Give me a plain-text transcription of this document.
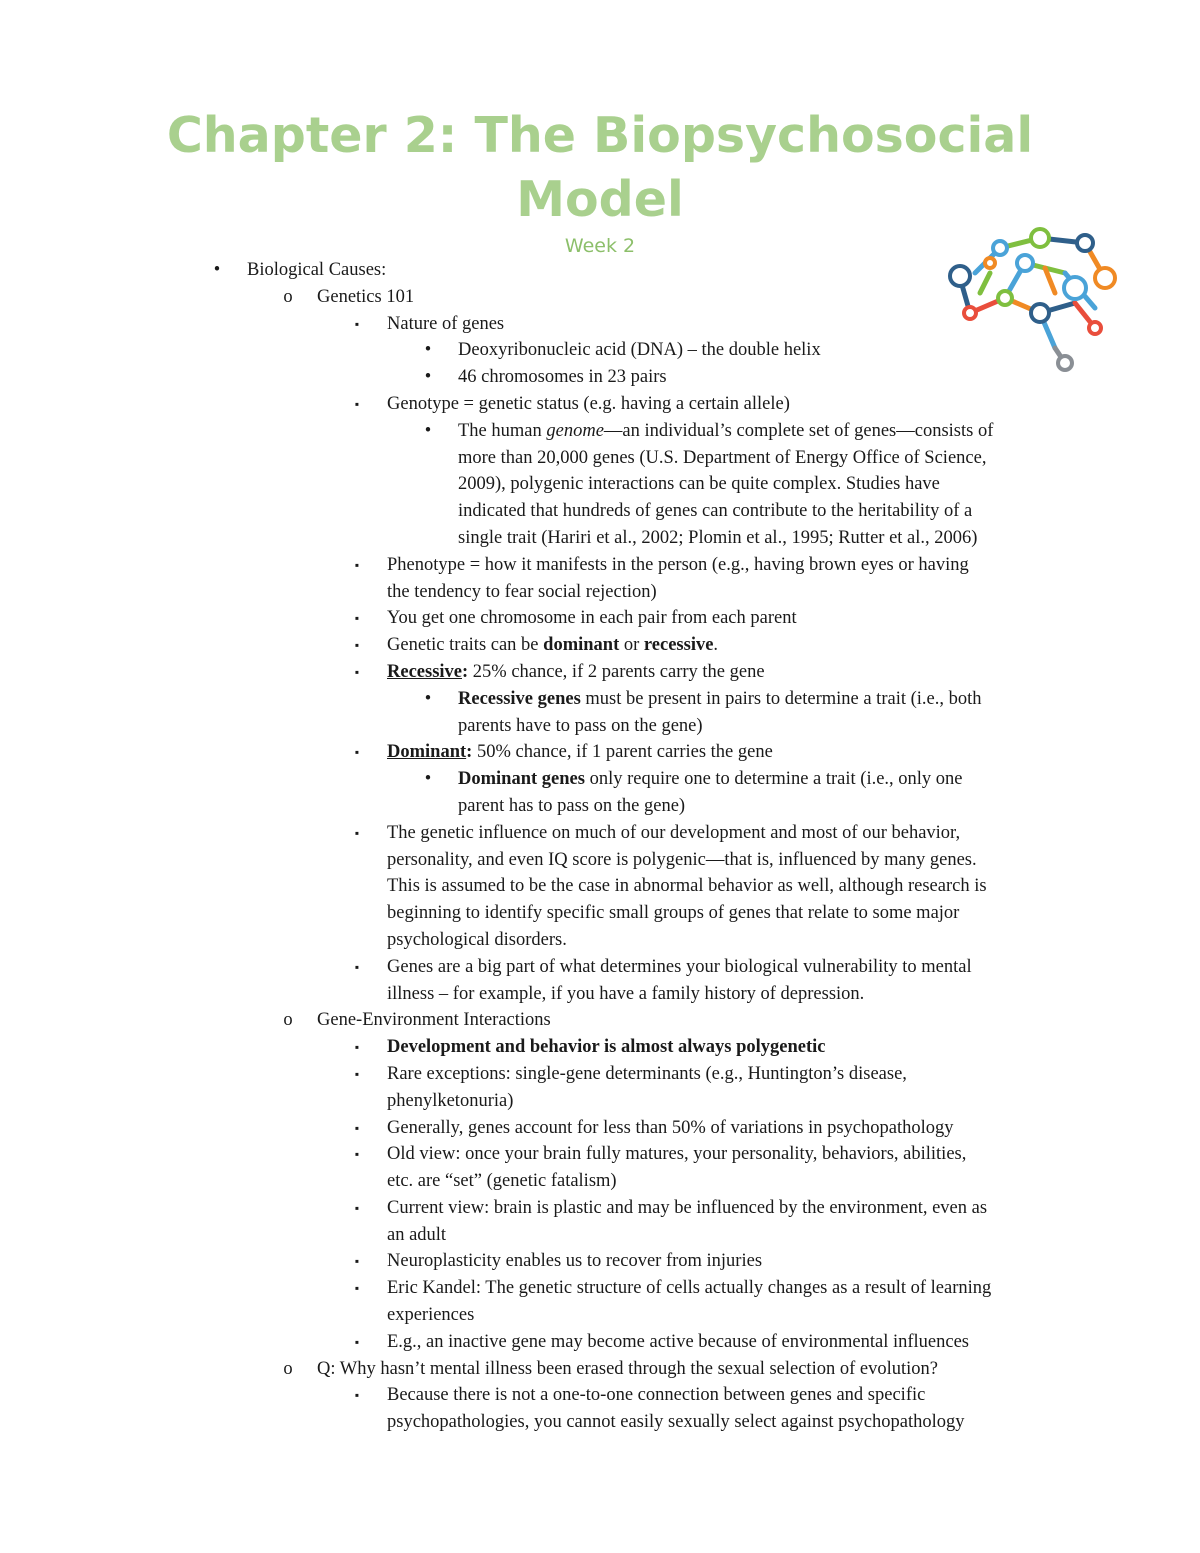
Chapter 2: The Biopsychosocial
Model
Week 2
•	Biological Causes:
o Genetics 101
▪	Nature of genes
•	Deoxyribonucleic acid (DNA) – the double helix
•	46 chromosomes in 23 pairs
▪	Genotype = genetic status (e.g. having a certain allele)
•	The human genome—an individual’s complete set of genes—consists of
more than 20,000 genes (U.S. Department of Energy Office of Science,
2009), polygenic interactions can be quite complex. Studies have
indicated that hundreds of genes can contribute to the heritability of a
single trait (Hariri et al., 2002; Plomin et al., 1995; Rutter et al., 2006)
▪	Phenotype = how it manifests in the person (e.g., having brown eyes or having
the tendency to fear social rejection)
▪	You get one chromosome in each pair from each parent
▪	Genetic traits can be dominant or recessive.
▪	Recessive: 25% chance, if 2 parents carry the gene
•	Recessive genes must be present in pairs to determine a trait (i.e., both
parents have to pass on the gene)
▪	Dominant: 50% chance, if 1 parent carries the gene
•	Dominant genes only require one to determine a trait (i.e., only one
parent has to pass on the gene)
▪	The genetic influence on much of our development and most of our behavior,
personality, and even IQ score is polygenic—that is, influenced by many genes.
This is assumed to be the case in abnormal behavior as well, although research is
beginning to identify specific small groups of genes that relate to some major
psychological disorders.
▪	Genes are a big part of what determines your biological vulnerability to mental
illness – for example, if you have a family history of depression.
o Gene-Environment Interactions
▪	Development and behavior is almost always polygenetic
▪	Rare exceptions: single-gene determinants (e.g., Huntington’s disease,
phenylketonuria)
▪	Generally, genes account for less than 50% of variations in psychopathology
▪	Old view: once your brain fully matures, your personality, behaviors, abilities,
etc. are “set” (genetic fatalism)
▪	Current view: brain is plastic and may be influenced by the environment, even as
an adult
▪	Neuroplasticity enables us to recover from injuries
▪	Eric Kandel: The genetic structure of cells actually changes as a result of learning
experiences
▪	E.g., an inactive gene may become active because of environmental influences
o Q: Why hasn’t mental illness been erased through the sexual selection of evolution?
▪	Because there is not a one-to-one connection between genes and specific
psychopathologies, you cannot easily sexually select against psychopathology
